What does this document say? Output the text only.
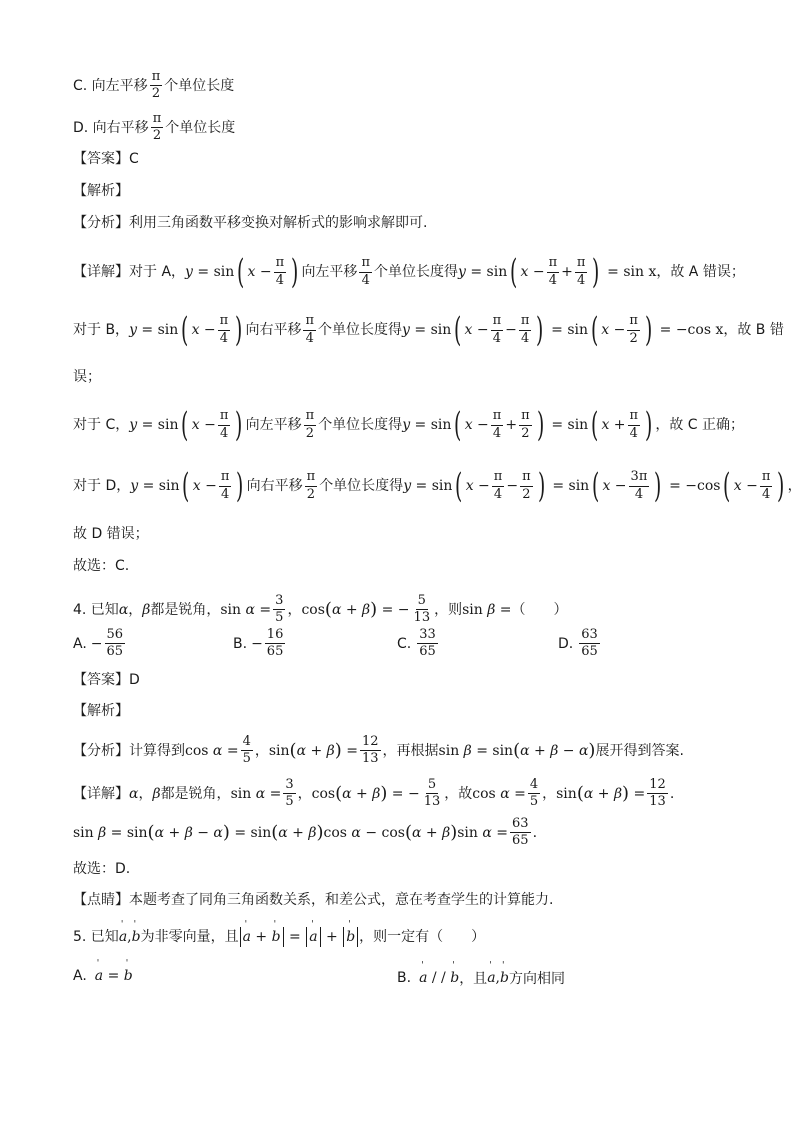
C. 向左平移 $\frac{\pi}{2}$ 个单位长度
D. 向右平移 $\frac{\pi}{2}$ 个单位长度
【答案】 C
【解析】
【分析】 利用三角函数平移变换对解析式的影响求解即可.
【详解】 对于 A， y = sin ( $x - \frac{\pi}{4}$ ) 向左平移 $\frac{\pi}{4}$ 个单位长度得 y = sin ( $x - \frac{\pi}{4} + \frac{\pi}{4}$ ) = sin x ，故 A 错误；
对于 B， y = sin ( $x - \frac{\pi}{4}$ ) 向右平移 $\frac{\pi}{4}$ 个单位长度得 y = sin ( $x - \frac{\pi}{4} - \frac{\pi}{4}$ ) = sin ( $x - \frac{\pi}{2}$ ) = −cos x ，故 B 错
误；
对于 C， y = sin ( $x - \frac{\pi}{4}$ ) 向左平移 $\frac{\pi}{2}$ 个单位长度得 y = sin ( $x - \frac{\pi}{4} + \frac{\pi}{2}$ ) = sin ( $x + \frac{\pi}{4}$ ) ，故 C 正确；
对于 D， y = sin ( $x - \frac{\pi}{4}$ ) 向右平移 $\frac{\pi}{2}$ 个单位长度得 y = sin ( $x - \frac{\pi}{4} - \frac{\pi}{2}$ ) = sin ( $x - \frac{3\pi}{4}$ ) = −cos ( $x - \frac{\pi}{4}$ ) ，
故 D 错误；
故选：C.
4. 已知 α ， β 都是锐角， $\sin \alpha = \frac{3}{5}$ ， cos ( α + β ) = − $\frac{5}{13}$ ，则 sin β = （　　）
A. − $\frac{56}{65}$	B. − $\frac{16}{65}$	C. $\frac{33}{65}$	D. $\frac{63}{65}$
【答案】 D
【解析】
【分析】 计算得到 $\cos \alpha = \frac{4}{5}$ ， sin ( α + β ) = $\frac{12}{13}$ ，再根据 sin β = sin ( α + β − α ) 展开得到答案.
【详解】 α ， β 都是锐角， $\sin \alpha = \frac{3}{5}$ ， cos ( α + β ) = − $\frac{5}{13}$ ，故 $\cos \alpha = \frac{4}{5}$ ， sin ( α + β ) = $\frac{12}{13}$ .
sin β = sin ( α + β − α ) = sin ( α + β ) cos α − cos ( α + β ) $\sin \alpha = \frac{63}{65}$ .
故选：D.
【点睛】 本题考查了同角三角函数关系，和差公式，意在考查学生的计算能力.
5. 已知 ' a , ' b 为非零向量，且 ' a + ' b = ' a + ' b ，则一定有（　　）
A. ' a = ' b	B. ' a / / ' b ，且 ' a , ' b 方向相同
